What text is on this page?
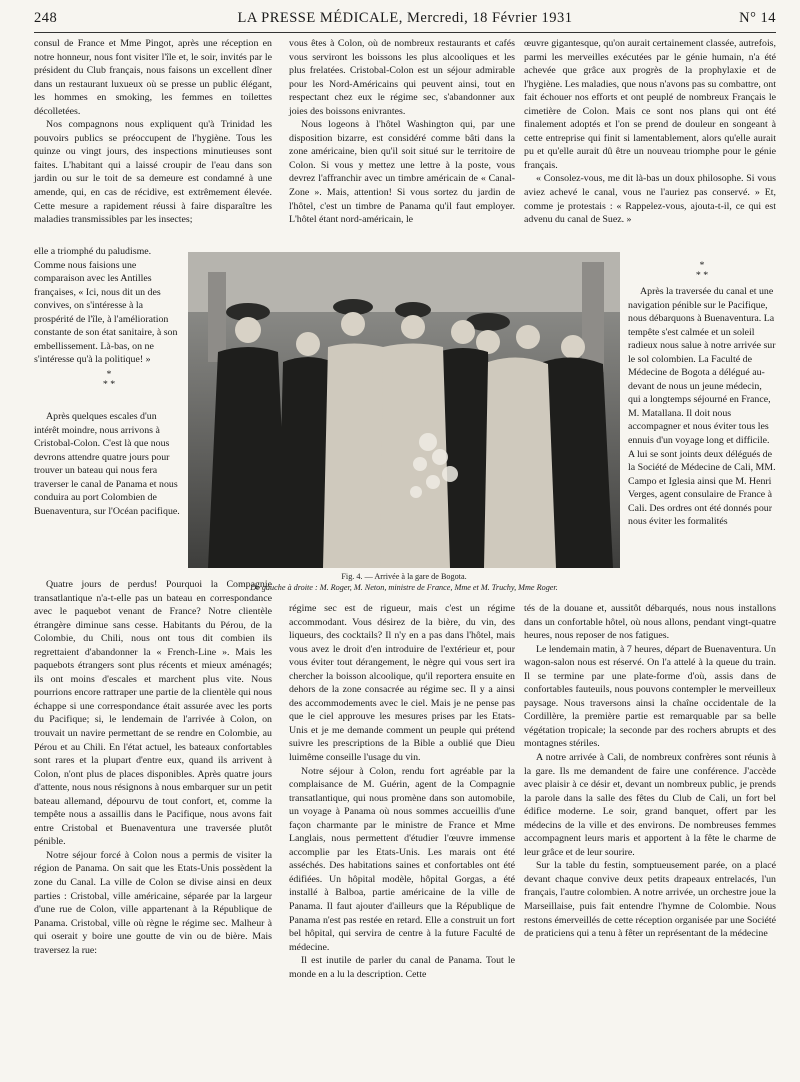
248	LA PRESSE MÉDICALE, Mercredi, 18 Février 1931	N° 14

consul de France et Mme Pingot, après une réception en notre honneur, nous font visiter l'île et, le soir, invités par le président du Club français, nous faisons un excellent dîner dans un restaurant luxueux où se presse un public élégant, les hommes en smoking, les femmes en toilettes décolletées.

Nos compagnons nous expliquent qu'à Trinidad les pouvoirs publics se préoccupent de l'hygiène. Tous les quinze ou vingt jours, des inspections minutieuses sont faites. L'habitant qui a laissé croupir de l'eau dans son jardin ou sur le toit de sa demeure est condamné à une amende, qui, en cas de récidive, est extrêmement élevée. Cette mesure a rapidement réussi à faire disparaître les maladies transmissibles par les insectes;

elle a triomphé du paludisme. Comme nous faisions une comparaison avec les Antilles françaises, « Ici, nous dit un des convives, on s'intéresse à la prospérité de l'île, à l'amélioration constante de son état sanitaire, à son embellissement. Là-bas, on ne s'intéresse qu'à la politique! »

*
* *

Après quelques escales d'un intérêt moindre, nous arrivons à Cristobal-Colon. C'est là que nous devrons attendre quatre jours pour trouver un bateau qui nous fera traverser le canal de Panama et nous conduira au port Colombien de Buenaventura, sur l'Océan pacifique.

Quatre jours de perdus! Pourquoi la Compagnie transatlantique n'a-t-elle pas un bateau en correspondance avec le paquebot venant de France? Notre clientèle étrangère diminue sans cesse. Habitants du Pérou, de la Colombie, du Chili, nous ont tous dit combien ils regrettaient d'abandonner la « French-Line ». Mais les paquebots étrangers sont plus récents et mieux aménagés; ils ont moins d'escales et marchent plus vite. Nous pourrions encore rattraper une partie de la clientèle qui nous échappe si une correspondance était assurée avec les ports du Pacifique; si, le lendemain de l'arrivée à Colon, on trouvait un navire permettant de se rendre en Colombie, au Pérou et au Chili. En l'état actuel, les bateaux confortables sont rares et la plupart d'entre eux, quand ils arrivent à Colon, n'ont plus de places disponibles. Après quatre jours d'attente, nous nous résignons à nous embarquer sur un petit bateau allemand, dépourvu de tout confort, et, comme la tempête nous a assaillis dans le Pacifique, nous avons fait entre Cristobal et Buenaventura une traversée plutôt pénible.

Notre séjour forcé à Colon nous a permis de visiter la région de Panama. On sait que les Etats-Unis possèdent la zone du Canal. La ville de Colon se divise ainsi en deux parties : Cristobal, ville américaine, séparée par la largeur d'une rue de Colon, ville appartenant à la République de Panama. Cristobal, ville où règne le régime sec. Malheur à qui oserait y boire une goutte de vin ou de bière. Mais traversez la rue:

vous êtes à Colon, où de nombreux restaurants et cafés vous serviront les boissons les plus alcooliques et les plus frelatées. Cristobal-Colon est un séjour admirable pour les Nord-Américains qui peuvent ainsi, tout en respectant chez eux le régime sec, s'abandonner aux joies des boissons enivrantes.

Nous logeons à l'hôtel Washington qui, par une disposition bizarre, est considéré comme bâti dans la zone américaine, bien qu'il soit situé sur le territoire de Colon. Si vous y mettez une lettre à la poste, vous devrez l'affranchir avec un timbre américain de « Canal-Zone ». Mais, attention! Si vous sortez du jardin de l'hôtel, c'est un timbre de Panama qu'il faut employer. L'hôtel étant nord-américain, le

œuvre gigantesque, qu'on aurait certainement classée, autrefois, parmi les merveilles exécutées par le génie humain, n'a été achevée que grâce aux progrès de la prophylaxie et de l'hygiène. Les maladies, que nous n'avons pas su combattre, ont fait échouer nos efforts et ont peuplé de nombreux Français le cimetière de Colon. Mais ce sont nos plans qui ont été finalement adoptés et l'on se prend de douleur en songeant à cette entreprise qui finit si lamentablement, alors qu'elle aurait pu et qu'elle aurait dû être un nouveau triomphe pour le génie français.

« Consolez-vous, me dit là-bas un doux philosophe. Si vous aviez achevé le canal, vous ne l'auriez pas conservé. » Et, comme je protestais : « Rappelez-vous, ajouta-t-il, ce qui est advenu du canal de Suez. »

*
* *

Après la traversée du canal et une navigation pénible sur le Pacifique, nous débarquons à Buenaventura. La tempête s'est calmée et un soleil radieux nous salue à notre arrivée sur le sol colombien. La Faculté de Médecine de Bogota a délégué au-devant de nous un jeune médecin, qui a longtemps séjourné en France, M. Matallana. Il doit nous accompagner et nous éviter tous les ennuis d'un voyage long et difficile. A lui se sont joints deux délégués de la Société de Médecine de Cali, MM. Campo et Iglesia ainsi que M. Henri Verges, agent consulaire de France à Cali. Des ordres ont été donnés pour nous éviter les formalités

Fig. 4. — Arrivée à la gare de Bogota.
De gauche à droite : M. Roger, M. Neton, ministre de France, Mme et M. Truchy, Mme Roger.

régime sec est de rigueur, mais c'est un régime accommodant. Vous désirez de la bière, du vin, des liqueurs, des cocktails? Il n'y en a pas dans l'hôtel, mais vous avez le droit d'en introduire de l'extérieur et, pour vous éviter tout dérangement, le nègre qui vous sert ira chercher la boisson alcoolique, qu'il reportera ensuite en dehors de la zone consacrée au régime sec. Il y a ainsi des accommodements avec le ciel. Mais je ne pense pas que le ciel approuve les mesures prises par les Etats-Unis et je me demande comment un peuple qui prétend suivre les prescriptions de la Bible a oublié que Dieu luimême conseille l'usage du vin.

Notre séjour à Colon, rendu fort agréable par la complaisance de M. Guérin, agent de la Compagnie transatlantique, qui nous promène dans son automobile, un voyage à Panama où nous sommes accueillis d'une façon charmante par le ministre de France et Mme Langlais, nous permettent d'étudier l'œuvre immense accomplie par les Etats-Unis. Les marais ont été asséchés. Des habitations saines et confortables ont été édifiées. Un hôpital modèle, hôpital Gorgas, a été installé à Balboa, partie américaine de la ville de Panama. Il faut ajouter d'ailleurs que la République de Panama n'est pas restée en retard. Elle a construit un fort bel hôpital, qui servira de centre à la future Faculté de médecine.

Il est inutile de parler du canal de Panama. Tout le monde en a lu la description. Cette

tés de la douane et, aussitôt débarqués, nous nous installons dans un confortable hôtel, où nous allons, pendant vingt-quatre heures, nous reposer de nos fatigues.

Le lendemain matin, à 7 heures, départ de Buenaventura. Un wagon-salon nous est réservé. On l'a attelé à la queue du train. Il se termine par une plate-forme d'où, assis dans de confortables fauteuils, nous pouvons contempler le merveilleux paysage. Nous traversons ainsi la chaîne occidentale de la Cordillère, la première partie est remarquable par sa belle végétation tropicale; la seconde par des rochers abrupts et des montagnes stériles.

A notre arrivée à Cali, de nombreux confrères sont réunis à la gare. Ils me demandent de faire une conférence. J'accède avec plaisir à ce désir et, devant un nombreux public, je prends la parole dans la salle des fêtes du Club de Cali, un fort bel édifice moderne. Le soir, grand banquet, offert par les médecins de la ville et des environs. De nombreuses femmes accompagnent leurs maris et apportent à la fête le charme de leur grâce et de leur sourire.

Sur la table du festin, somptueusement parée, on a placé devant chaque convive deux petits drapeaux entrelacés, l'un français, l'autre colombien. A notre arrivée, un orchestre joue la Marseillaise, puis fait entendre l'hymne de Colombie. Nous restons émerveillés de cette réception organisée par une Société de praticiens qui a tenu à fêter un représentant de la médecine
